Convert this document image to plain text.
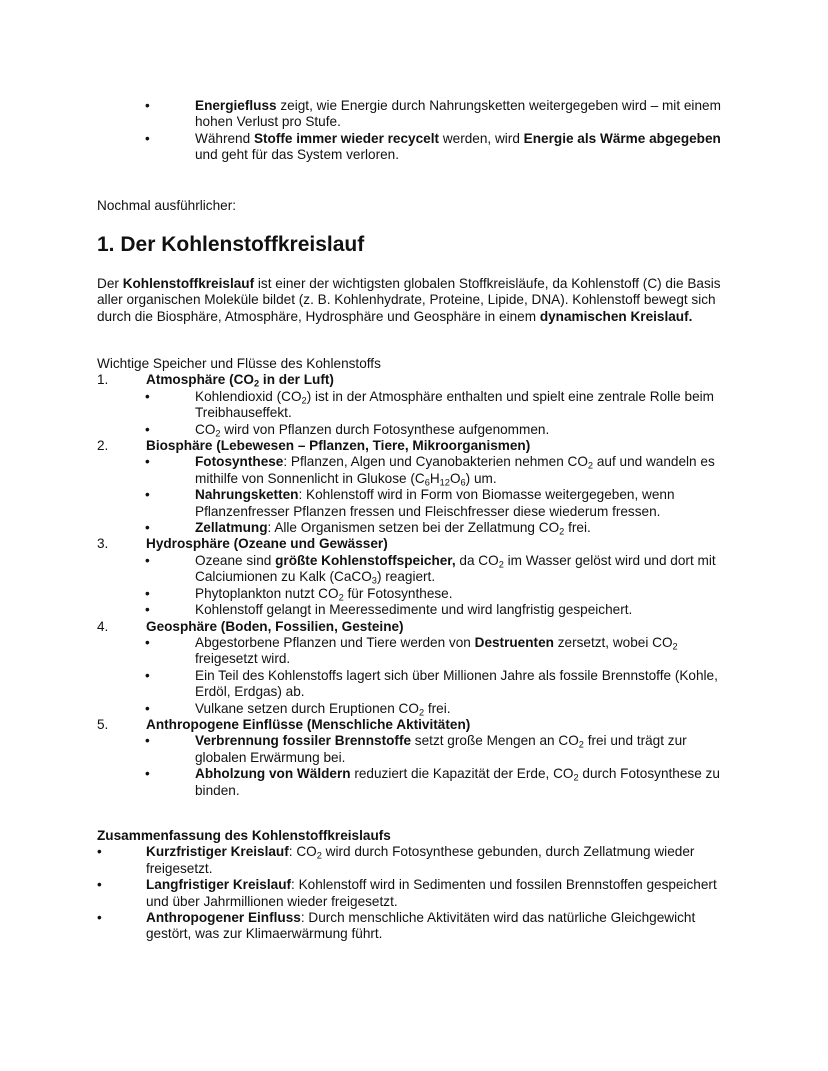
•	Energiefluss zeigt, wie Energie durch Nahrungsketten weitergegeben wird – mit einem hohen Verlust pro Stufe.
•	Während Stoffe immer wieder recycelt werden, wird Energie als Wärme abgegeben und geht für das System verloren.

Nochmal ausführlicher:

1. Der Kohlenstoffkreislauf

Der Kohlenstoffkreislauf ist einer der wichtigsten globalen Stoffkreisläufe, da Kohlenstoff (C) die Basis aller organischen Moleküle bildet (z. B. Kohlenhydrate, Proteine, Lipide, DNA). Kohlenstoff bewegt sich durch die Biosphäre, Atmosphäre, Hydrosphäre und Geosphäre in einem dynamischen Kreislauf.

Wichtige Speicher und Flüsse des Kohlenstoffs

1.	Atmosphäre ($CO_2$ in der Luft)
•	Kohlendioxid $(CO_2)$ ist in der Atmosphäre enthalten und spielt eine zentrale Rolle beim Treibhauseffekt.
•	$CO_2$ wird von Pflanzen durch Fotosynthese aufgenommen.
2.	Biosphäre (Lebewesen – Pflanzen, Tiere, Mikroorganismen)
•	Fotosynthese: Pflanzen, Algen und Cyanobakterien nehmen $CO_2$ auf und wandeln es mithilfe von Sonnenlicht in Glukose $(C_6H_{12}O_6)$ um.
•	Nahrungsketten: Kohlenstoff wird in Form von Biomasse weitergegeben, wenn Pflanzenfresser Pflanzen fressen und Fleischfresser diese wiederum fressen.
•	Zellatmung: Alle Organismen setzen bei der Zellatmung $CO_2$ frei.
3.	Hydrosphäre (Ozeane und Gewässer)
•	Ozeane sind größte Kohlenstoffspeicher, da $CO_2$ im Wasser gelöst wird und dort mit Calciumionen zu Kalk (CaCO$_3$) reagiert.
•	Phytoplankton nutzt $CO_2$ für Fotosynthese.
•	Kohlenstoff gelangt in Meeressedimente und wird langfristig gespeichert.
4.	Geosphäre (Boden, Fossilien, Gesteine)
•	Abgestorbene Pflanzen und Tiere werden von Destruenten zersetzt, wobei $CO_2$ freigesetzt wird.
•	Ein Teil des Kohlenstoffs lagert sich über Millionen Jahre als fossile Brennstoffe (Kohle, Erdöl, Erdgas) ab.
•	Vulkane setzen durch Eruptionen $CO_2$ frei.
5.	Anthropogene Einflüsse (Menschliche Aktivitäten)
•	Verbrennung fossiler Brennstoffe setzt große Mengen an $CO_2$ frei und trägt zur globalen Erwärmung bei.
•	Abholzung von Wäldern reduziert die Kapazität der Erde, $CO_2$ durch Fotosynthese zu binden.

Zusammenfassung des Kohlenstoffkreislaufs

•	Kurzfristiger Kreislauf: $CO_2$ wird durch Fotosynthese gebunden, durch Zellatmung wieder freigesetzt.
•	Langfristiger Kreislauf: Kohlenstoff wird in Sedimenten und fossilen Brennstoffen gespeichert und über Jahrmillionen wieder freigesetzt.
•	Anthropogener Einfluss: Durch menschliche Aktivitäten wird das natürliche Gleichgewicht gestört, was zur Klimaerwärmung führt.
